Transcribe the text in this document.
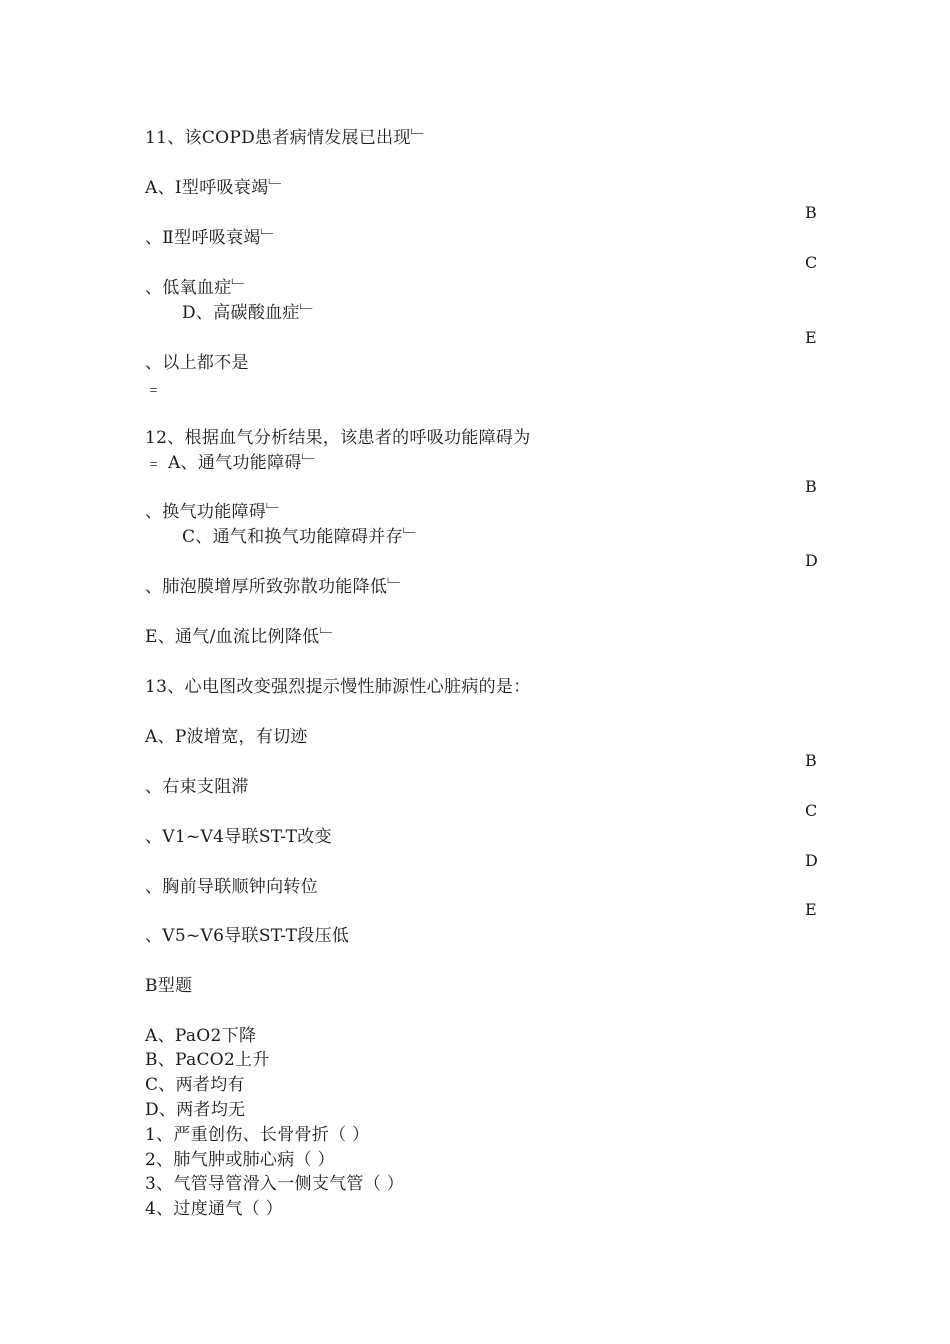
11、该COPD患者病情发展已出现﹂
A、Ⅰ型呼吸衰竭﹂
B
、Ⅱ型呼吸衰竭﹂
C
、低氧血症﹂
D、高碳酸血症﹂
E
、以上都不是
﹦
12、根据血气分析结果，该患者的呼吸功能障碍为
﹦ A、通气功能障碍﹂
B
、换气功能障碍﹂
C、通气和换气功能障碍并存﹂
D
、肺泡膜增厚所致弥散功能降低﹂
E、通气/血流比例降低﹂
13、心电图改变强烈提示慢性肺源性心脏病的是：
A、P波增宽，有切迹
B
、右束支阻滞
C
、V1~V4导联ST-T改变
D
、胸前导联顺钟向转位
E
、V5~V6导联ST-T段压低
B型题
A、PaO2下降
B、PaCO2上升
C、两者均有
D、两者均无
1、严重创伤、长骨骨折（ ）
2、肺气肿或肺心病（ ）
3、气管导管滑入一侧支气管（ ）
4、过度通气（ ）
